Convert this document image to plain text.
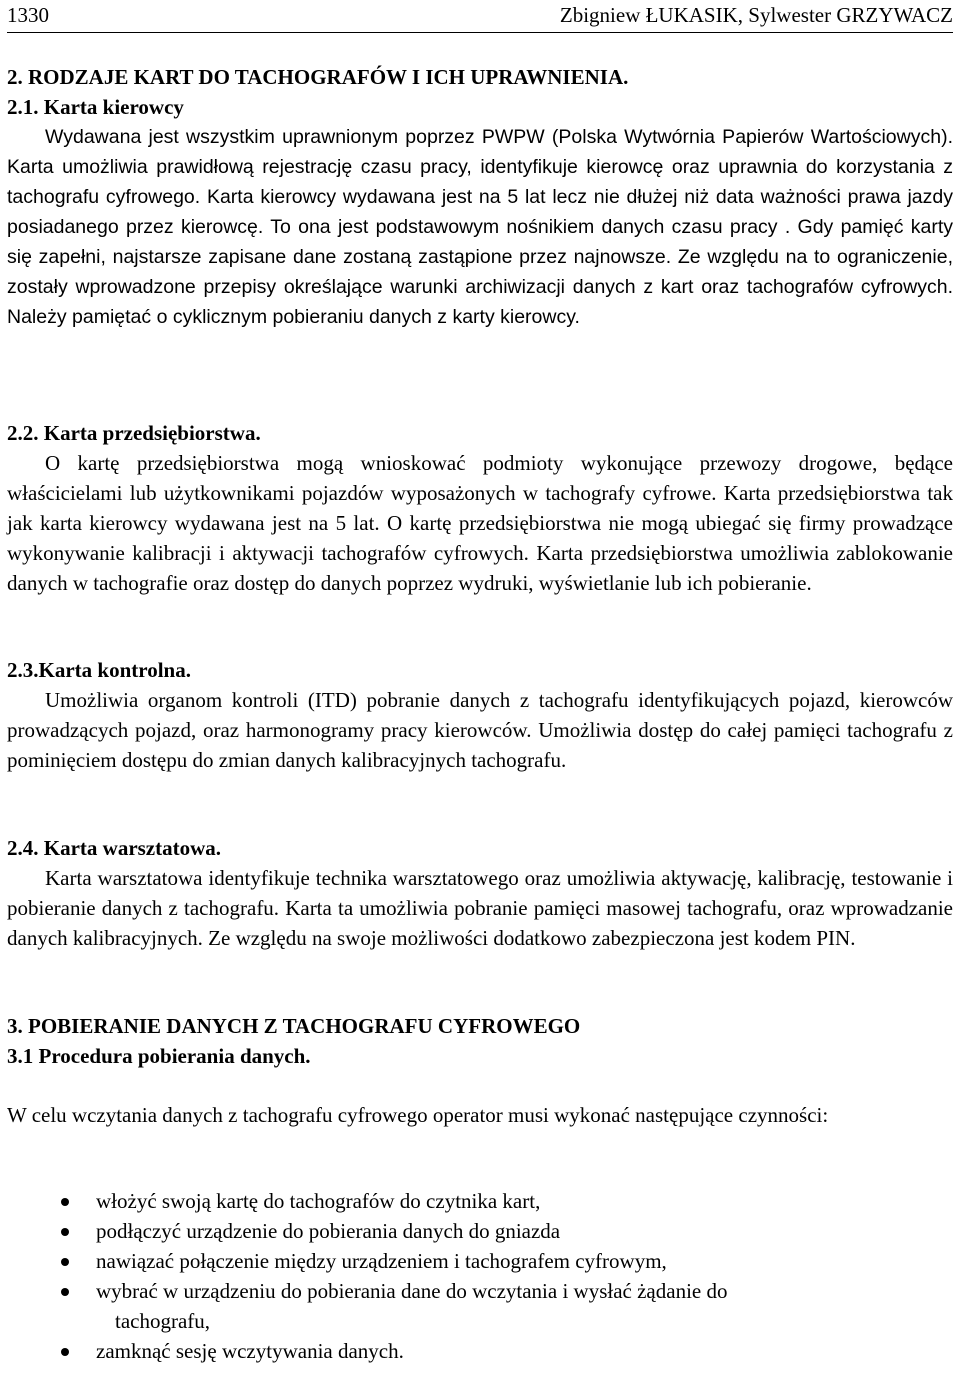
1330	Zbigniew ŁUKASIK, Sylwester GRZYWACZ
2. RODZAJE KART DO TACHOGRAFÓW I ICH UPRAWNIENIA.
2.1. Karta kierowcy

Wydawana jest wszystkim uprawnionym poprzez PWPW (Polska Wytwórnia Papierów Wartościowych). Karta umożliwia prawidłową rejestrację czasu pracy, identyfikuje kierowcę oraz uprawnia do korzystania z tachografu cyfrowego. Karta kierowcy wydawana jest na 5 lat lecz nie dłużej niż data ważności prawa jazdy posiadanego przez kierowcę. To ona jest podstawowym nośnikiem danych czasu pracy . Gdy pamięć karty się zapełni, najstarsze zapisane dane zostaną zastąpione przez najnowsze. Ze względu na to ograniczenie, zostały wprowadzone przepisy określające warunki archiwizacji danych z kart oraz tachografów cyfrowych. Należy pamiętać o cyklicznym pobieraniu danych z karty kierowcy.

2.2. Karta przedsiębiorstwa.

O kartę przedsiębiorstwa mogą wnioskować podmioty wykonujące przewozy drogowe, będące właścicielami lub użytkownikami pojazdów wyposażonych w tachografy cyfrowe. Karta przedsiębiorstwa tak jak karta kierowcy wydawana jest na 5 lat. O kartę przedsiębiorstwa nie mogą ubiegać się firmy prowadzące wykonywanie kalibracji i aktywacji tachografów cyfrowych. Karta przedsiębiorstwa umożliwia zablokowanie danych w tachografie oraz dostęp do danych poprzez wydruki, wyświetlanie lub ich pobieranie.

2.3.Karta kontrolna.

Umożliwia organom kontroli (ITD) pobranie danych z tachografu identyfikujących pojazd, kierowców prowadzących pojazd, oraz harmonogramy pracy kierowców. Umożliwia dostęp do całej pamięci tachografu z pominięciem dostępu do zmian danych kalibracyjnych tachografu.

2.4. Karta warsztatowa.

Karta warsztatowa identyfikuje technika warsztatowego oraz umożliwia aktywację, kalibrację, testowanie i pobieranie danych z tachografu. Karta ta umożliwia pobranie pamięci masowej tachografu, oraz wprowadzanie danych kalibracyjnych. Ze względu na swoje możliwości dodatkowo zabezpieczona jest kodem PIN.

3. POBIERANIE DANYCH Z TACHOGRAFU CYFROWEGO
3.1 Procedura pobierania danych.

W celu wczytania danych z tachografu cyfrowego operator musi wykonać następujące czynności:

włożyć swoją kartę do tachografów do czytnika kart,
podłączyć urządzenie do pobierania danych do gniazda
nawiązać połączenie między urządzeniem i tachografem cyfrowym,
wybrać w urządzeniu do pobierania dane do wczytania i wysłać żądanie do
tachografu,
zamknąć sesję wczytywania danych.
